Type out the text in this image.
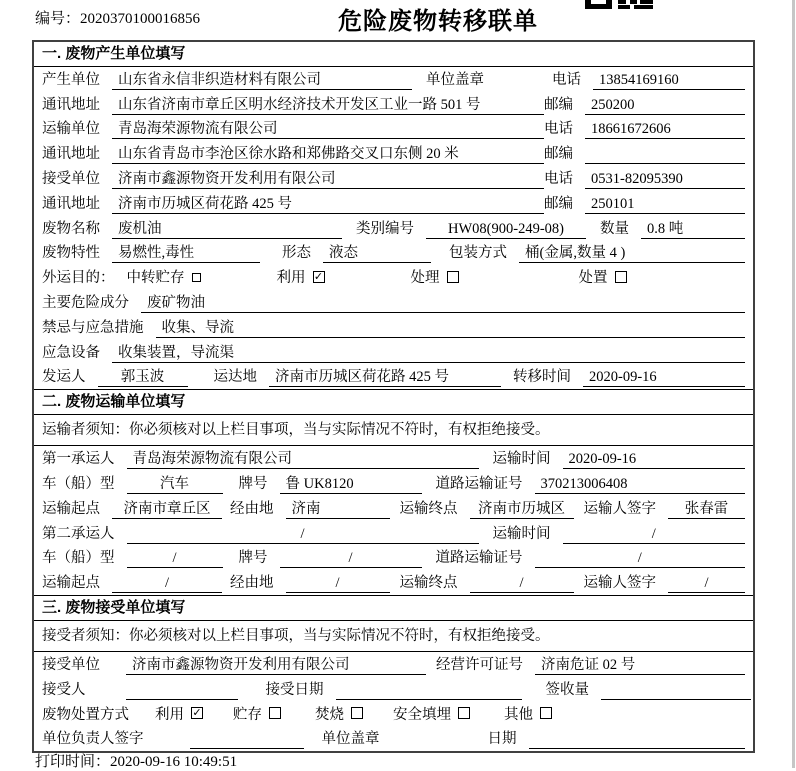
编号：2020370100016856	危险废物转移联单
一. 废物产生单位填写
产生单位	山东省永信非织造材料有限公司	单位盖章	电话	13854169160
通讯地址	山东省济南市章丘区明水经济技术开发区工业一路 501 号	邮编	250200
运输单位	青岛海荣源物流有限公司	电话	18661672606
通讯地址	山东省青岛市李沧区徐水路和郑佛路交叉口东侧 20 米	邮编
接受单位	济南市鑫源物资开发利用有限公司	电话	0531-82095390
通讯地址	济南市历城区荷花路 425 号	邮编	250101
废物名称	废机油	类别编号	HW08(900-249-08)	数量	0.8 吨
废物特性	易燃性,毒性	形态	液态	包装方式	桶(金属,数量 4 )
外运目的： 中转贮存	利用 ✓	处理	处置
主要危险成分	废矿物油
禁忌与应急措施	收集、导流
应急设备	收集装置，导流渠
发运人	郭玉波	运达地	济南市历城区荷花路 425 号	转移时间	2020-09-16
二. 废物运输单位填写
运输者须知：你必须核对以上栏目事项，当与实际情况不符时，有权拒绝接受。
第一承运人	青岛海荣源物流有限公司	运输时间	2020-09-16
车（船）型	汽车	牌号	鲁 UK8120	道路运输证号	370213006408
运输起点	济南市章丘区	经由地	济南	运输终点	济南市历城区	运输人签字	张春雷
第二承运人	/	运输时间	/
车（船）型	/	牌号	/	道路运输证号	/
运输起点	/	经由地	/	运输终点	/	运输人签字	/
三. 废物接受单位填写
接受者须知：你必须核对以上栏目事项，当与实际情况不符时，有权拒绝接受。
接受单位	济南市鑫源物资开发利用有限公司	经营许可证号	济南危证 02 号
接受人	接受日期	签收量
废物处置方式 利用 ✓ 贮存	焚烧	安全填埋	其他
单位负责人签字	单位盖章	日期
打印时间：2020-09-16 10:49:51
